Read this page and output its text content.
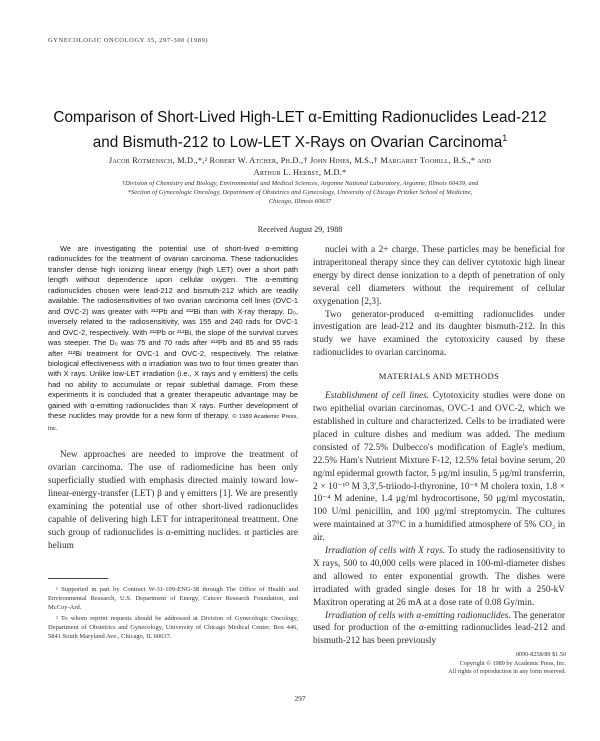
GYNECOLOGIC ONCOLOGY 35, 297-300 (1989)
Comparison of Short-Lived High-LET α-Emitting Radionuclides Lead-212 and Bismuth-212 to Low-LET X-Rays on Ovarian Carcinoma$^1$
Jacob Rotmensch, M.D.,*,² Robert W. Atcher, Ph.D.,† John Hines, M.S.,† Margaret Toohill, B.S.,* and
Arthur L. Herbst, M.D.*
†Division of Chemistry and Biology, Environmental and Medical Sciences, Argonne National Laboratory, Argonne, Illinois 60439, and
*Section of Gynecologic Oncology, Department of Obstetrics and Gynecology, University of Chicago Pritzker School of Medicine,
Chicago, Illinois 60637
Received August 29, 1988

We are investigating the potential use of short-lived α-emitting radionuclides for the treatment of ovarian carcinoma. These radionuclides transfer dense high ionizing linear energy (high LET) over a short path length without dependence upon cellular oxygen. The α-emitting radionuclides chosen were lead-212 and bismuth-212 which are readily available. The radiosensitivities of two ovarian carcinoma cell lines (OVC-1 and OVC-2) was greater with ²¹²Pb and ²¹²Bi than with X-ray therapy. D₀, inversely related to the radiosensitivity, was 155 and 240 rads for OVC-1 and OVC-2, respectively. With ²¹²Pb or ²¹²Bi, the slope of the survival curves was steeper. The D₀ was 75 and 70 rads after ²¹²Pb and 85 and 95 rads after ²¹²Bi treatment for OVC-1 and OVC-2, respectively. The relative biological effectiveness with α irradiation was two to four times greater than with X rays. Unlike low-LET irradiation (i.e., X rays and γ emitters) the cells had no ability to accumulate or repair sublethal damage. From these experiments it is concluded that a greater therapeutic advantage may be gained with α-emitting radionuclides than X rays. Further development of these nuclides may provide for a new form of therapy. © 1989 Academic Press, Inc.

New approaches are needed to improve the treatment of ovarian carcinoma. The use of radiomedicine has been only superficially studied with emphasis directed mainly toward low-linear-energy-transfer (LET) β and γ emitters [1]. We are presently examining the potential use of other short-lived radionuclides capable of delivering high LET for intraperitoneal treatment. One such group of radionuclides is α-emitting nuclides. α particles are helium

¹ Supported in part by Contract W-31-109-ENG-38 through The Office of Health and Environmental Research, U.S. Department of Energy, Cancer Research Foundation, and McCoy-Ard.

² To whom reprint requests should be addressed at Division of Gynecologic Oncology, Department of Obstetrics and Gynecology, University of Chicago Medical Center, Box 446, 5841 South Maryland Ave., Chicago, IL 60637.

nuclei with a 2+ charge. These particles may be beneficial for intraperitoneal therapy since they can deliver cytotoxic high linear energy by direct dense ionization to a depth of penetration of only several cell diameters without the requirement of cellular oxygenation [2,3].

Two generator-produced α-emitting radionuclides under investigation are lead-212 and its daughter bismuth-212. In this study we have examined the cytotoxicity caused by these radionuclides to ovarian carcinoma.

MATERIALS AND METHODS

Establishment of cell lines. Cytotoxicity studies were done on two epithelial ovarian carcinomas, OVC-1 and OVC-2, which we established in culture and characterized. Cells to be irradiated were placed in culture dishes and medium was added. The medium consisted of 72.5% Dulbecco's modification of Eagle's medium, 22.5% Ham's Nutrient Mixture F-12, 12.5% fetal bovine serum, 20 ng/ml epidermal growth factor, 5 μg/ml insulin, 5 μg/ml transferrin, 2 × 10⁻¹⁰ M 3,3',5-triiodo-l-thyronine, 10⁻⁸ M cholera toxin, 1.8 × 10⁻⁴ M adenine, 1.4 μg/ml hydrocortisone, 50 μg/ml mycostatin, 100 U/ml penicillin, and 100 μg/ml streptomycin. The cultures were maintained at 37°C in a humidified atmosphere of 5% CO₂ in air.

Irradiation of cells with X rays. To study the radiosensitivity to X rays, 500 to 40,000 cells were placed in 100-ml-diameter dishes and allowed to enter exponential growth. The dishes were irradiated with graded single doses for 18 hr with a 250-kV Maxitron operating at 26 mA at a dose rate of 0.08 Gy/min.

Irradiation of cells with α-emitting radionuclides. The generator used for production of the α-emitting radionuclides lead-212 and bismuth-212 has been previously

0090-8258/89 $1.50
Copyright © 1989 by Academic Press, Inc.
All rights of reproduction in any form reserved.
297
